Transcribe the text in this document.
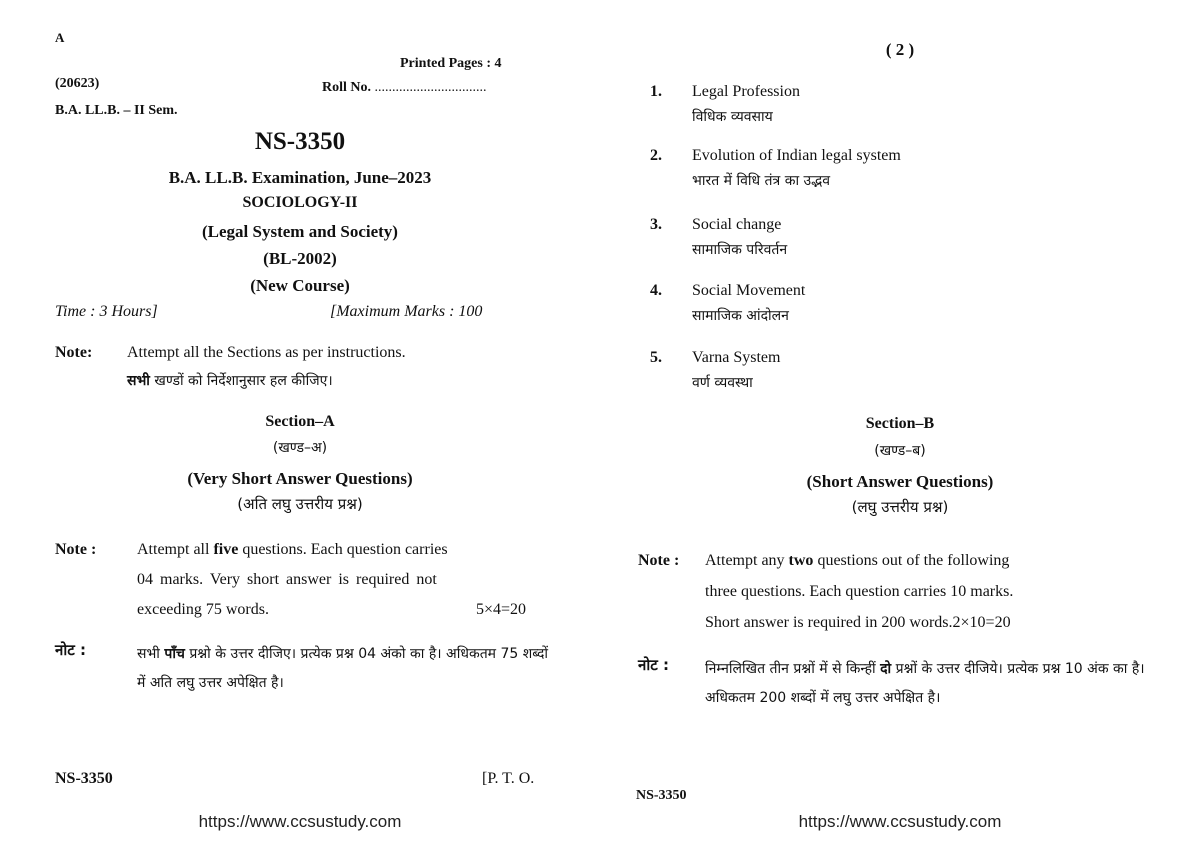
A
Printed Pages : 4
(20623)	Roll No. ................................
B.A. LL.B. – II Sem.
NS-3350
B.A. LL.B. Examination, June–2023
SOCIOLOGY-II
(Legal System and Society)
(BL-2002)
(New Course)
Time : 3 Hours]	[Maximum Marks : 100
Note: Attempt all the Sections as per instructions.
सभी खण्डों को निर्देशानुसार हल कीजिए।
Section–A
(खण्ड–अ)
(Very Short Answer Questions)
(अति लघु उत्तरीय प्रश्न)
Note :	Attempt all five questions. Each question carries
04 marks. Very short answer is required not
exceeding 75 words.	5×4=20
नोट :	सभी पाँच प्रश्नो के उत्तर दीजिए। प्रत्येक प्रश्न 04 अंको का है। अधिकतम 75 शब्दों में अति लघु उत्तर अपेक्षित है।
NS-3350	[P. T. O.
https://www.ccsustudy.com
( 2 )
1. Legal Profession
विधिक व्यवसाय
2. Evolution of Indian legal system
भारत में विधि तंत्र का उद्भव
3. Social change
सामाजिक परिवर्तन
4. Social Movement
सामाजिक आंदोलन
5. Varna System
वर्ण व्यवस्था
Section–B
(खण्ड–ब)
(Short Answer Questions)
(लघु उत्तरीय प्रश्न)
Note : Attempt any two questions out of the following
three questions. Each question carries 10 marks.
Short answer is required in 200 words.2×10=20
नोट :	निम्नलिखित तीन प्रश्नों में से किन्हीं दो प्रश्नों के उत्तर दीजिये। प्रत्येक प्रश्न 10 अंक का है। अधिकतम 200 शब्दों में लघु उत्तर अपेक्षित है।
NS-3350
https://www.ccsustudy.com
